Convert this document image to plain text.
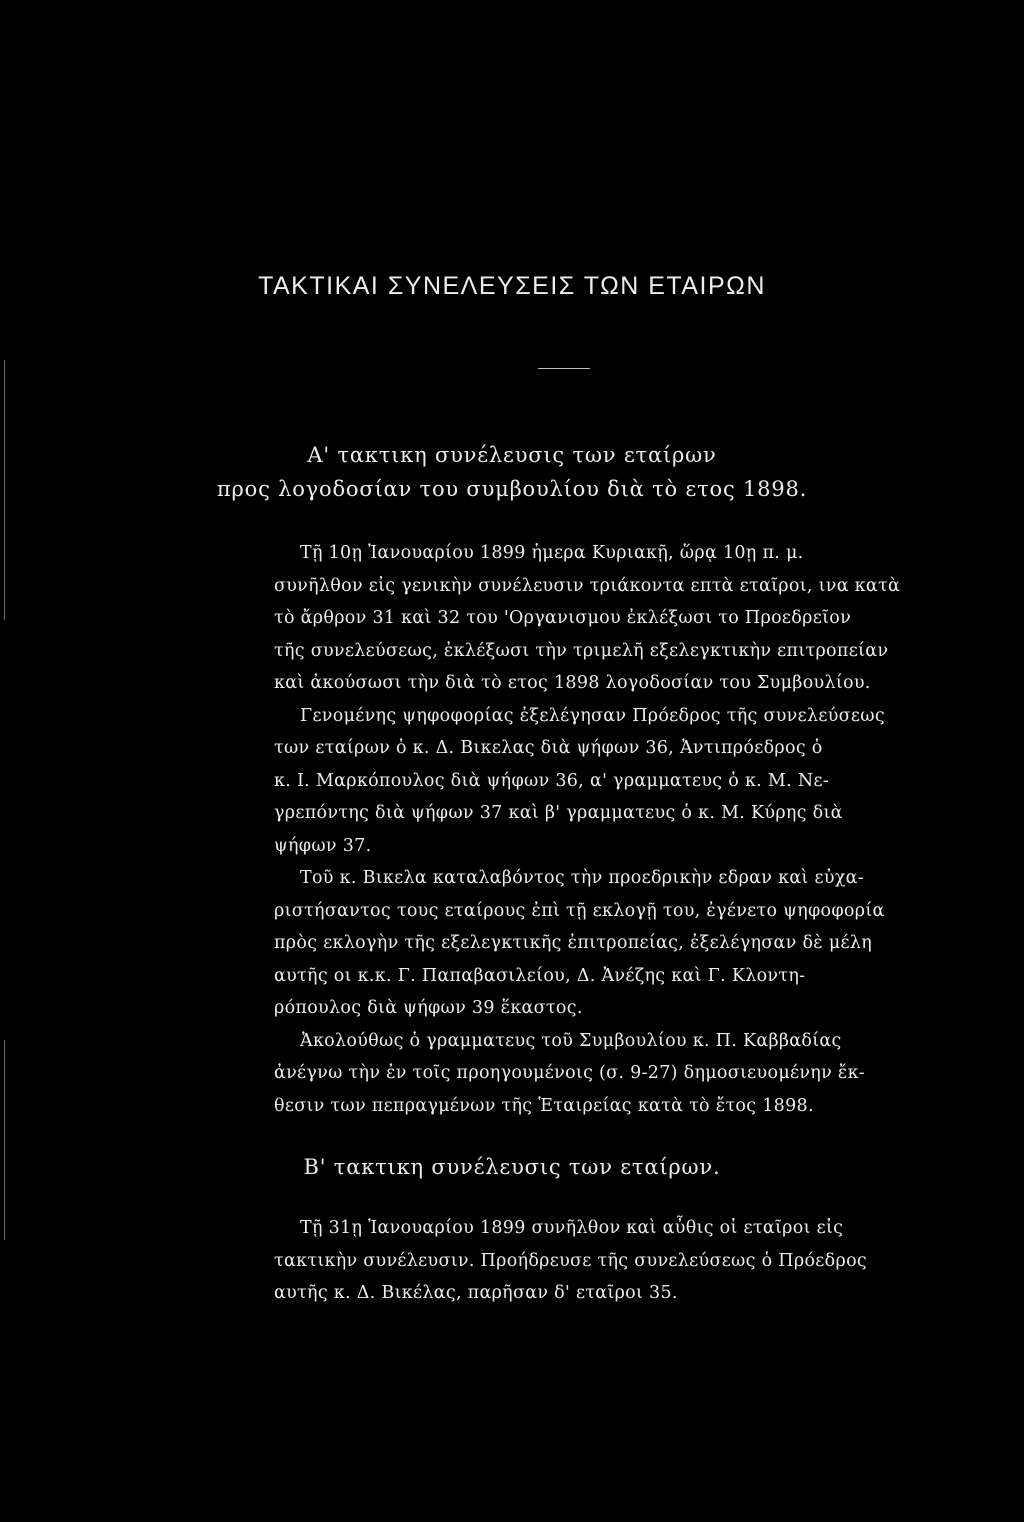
ΤΑΚΤΙΚΑΙ ΣΥΝΕΛΕΥΣΕΙΣ ΤΩΝ ΕΤΑΙΡΩΝ
Α' τακτικη συνέλευσις των εταίρων
προς λογοδοσίαν του συμβουλίου διὰ τὸ ετος 1898.
Τῇ 10ῃ Ἰανουαρίου 1899 ἡμερα Κυριακῇ, ὥρᾳ 10ῃ π. μ.
συνῆλθον εἰς γενικὴν συνέλευσιν τριάκοντα επτὰ εταῖροι, ινα κατὰ
τὸ ἄρθρον 31 καὶ 32 του 'Οργανισμου ἐκλέξωσι το Προεδρεῖον
τῆς συνελεύσεως, ἐκλέξωσι τὴν τριμελῆ εξελεγκτικὴν επιτροπείαν
καὶ ἀκούσωσι τὴν διὰ τὸ ετος 1898 λογοδοσίαν του Συμβουλίου.
Γενομένης ψηφοφορίας ἐξελέγησαν Πρόεδρος τῆς συνελεύσεως
των εταίρων ὁ κ. Δ. Βικελας διὰ ψήφων 36, Ἀντιπρόεδρος ὁ
κ. Ι. Μαρκόπουλος διὰ ψήφων 36, α' γραμματευς ὁ κ. Μ. Νε-
γρεπόντης διὰ ψήφων 37 καὶ β' γραμματευς ὁ κ. Μ. Κύρης διὰ
ψήφων 37.
Τοῦ κ. Βικελα καταλαβόντος τὴν προεδρικὴν εδραν καὶ εὐχα-
ριστήσαντος τους εταίρους ἐπὶ τῇ εκλογῇ του, ἐγένετο ψηφοφορία
πρὸς εκλογὴν τῆς εξελεγκτικῆς ἐπιτροπείας, ἐξελέγησαν δὲ μέλη
αυτῆς οι κ.κ. Γ. Παπαβασιλείου, Δ. Ἀνέζης καὶ Γ. Κλοντη-
ρόπουλος διὰ ψήφων 39 ἕκαστος.
Ἀκολούθως ὁ γραμματευς τοῦ Συμβουλίου κ. Π. Καββαδίας
ἀνέγνω τὴν ἐν τοῖς προηγουμένοις (σ. 9-27) δημοσιευομένην ἔκ-
θεσιν των πεπραγμένων τῆς Ἑταιρείας κατὰ τὸ ἔτος 1898.
Β' τακτικη συνέλευσις των εταίρων.
Τῇ 31ῃ Ἰανουαρίου 1899 συνῆλθον καὶ αὖθις οἱ εταῖροι εἰς
τακτικὴν συνέλευσιν. Προήδρευσε τῆς συνελεύσεως ὁ Πρόεδρος
αυτῆς κ. Δ. Βικέλας, παρῆσαν δ' εταῖροι 35.
